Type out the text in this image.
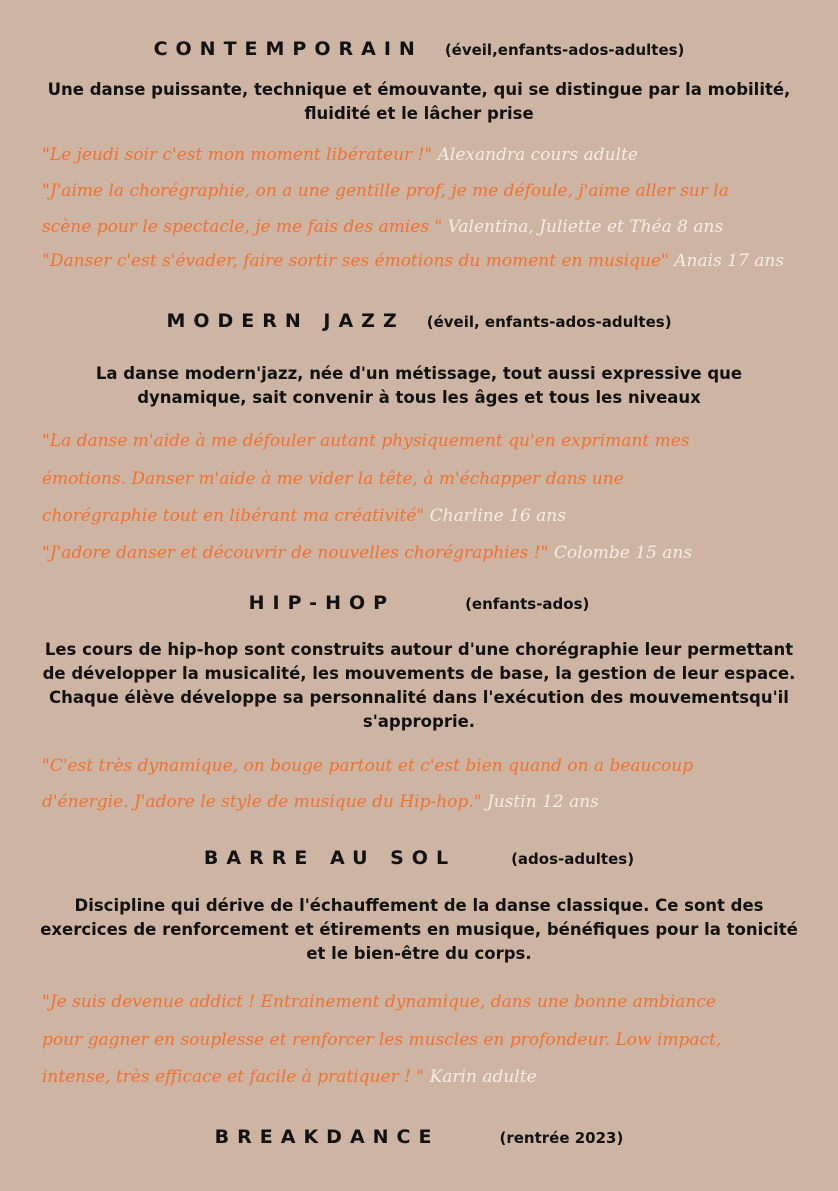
CONTEMPORAIN (éveil,enfants-ados-adultes)
Une danse puissante, technique et émouvante, qui se distingue par la mobilité, fluidité et le lâcher prise
"Le jeudi soir c'est mon moment libérateur !" Alexandra cours adulte
"J'aime la chorégraphie, on a une gentille prof, je me défoule, j'aime aller sur la
scène pour le spectacle, je me fais des amies " Valentina, Juliette et Théa 8 ans
"Danser c'est s'évader, faire sortir ses émotions du moment en musique" Anais 17 ans
MODERN JAZZ (éveil, enfants-ados-adultes)
La danse modern'jazz, née d'un métissage, tout aussi expressive que dynamique, sait convenir à tous les âges et tous les niveaux
"La danse m'aide à me défouler autant physiquement qu'en exprimant mes
émotions. Danser m'aide à me vider la tête, à m'échapper dans une
chorégraphie tout en libérant ma créativité" Charline 16 ans
"J'adore danser et découvrir de nouvelles chorégraphies !" Colombe 15 ans
HIP-HOP	(enfants-ados)
Les cours de hip-hop sont construits autour d'une chorégraphie leur permettant de développer la musicalité, les mouvements de base, la gestion de leur espace. Chaque élève développe sa personnalité dans l'exécution des mouvementsqu'il s'approprie.
"C'est très dynamique, on bouge partout et c'est bien quand on a beaucoup
d'énergie. J'adore le style de musique du Hip-hop." Justin 12 ans
BARRE AU SOL	(ados-adultes)
Discipline qui dérive de l'échauffement de la danse classique. Ce sont des exercices de renforcement et étirements en musique, bénéfiques pour la tonicité et le bien-être du corps.
"Je suis devenue addict ! Entrainement dynamique, dans une bonne ambiance
pour gagner en souplesse et renforcer les muscles en profondeur. Low impact,
intense, très efficace et facile à pratiquer ! " Karin adulte
BREAKDANCE	(rentrée 2023)
